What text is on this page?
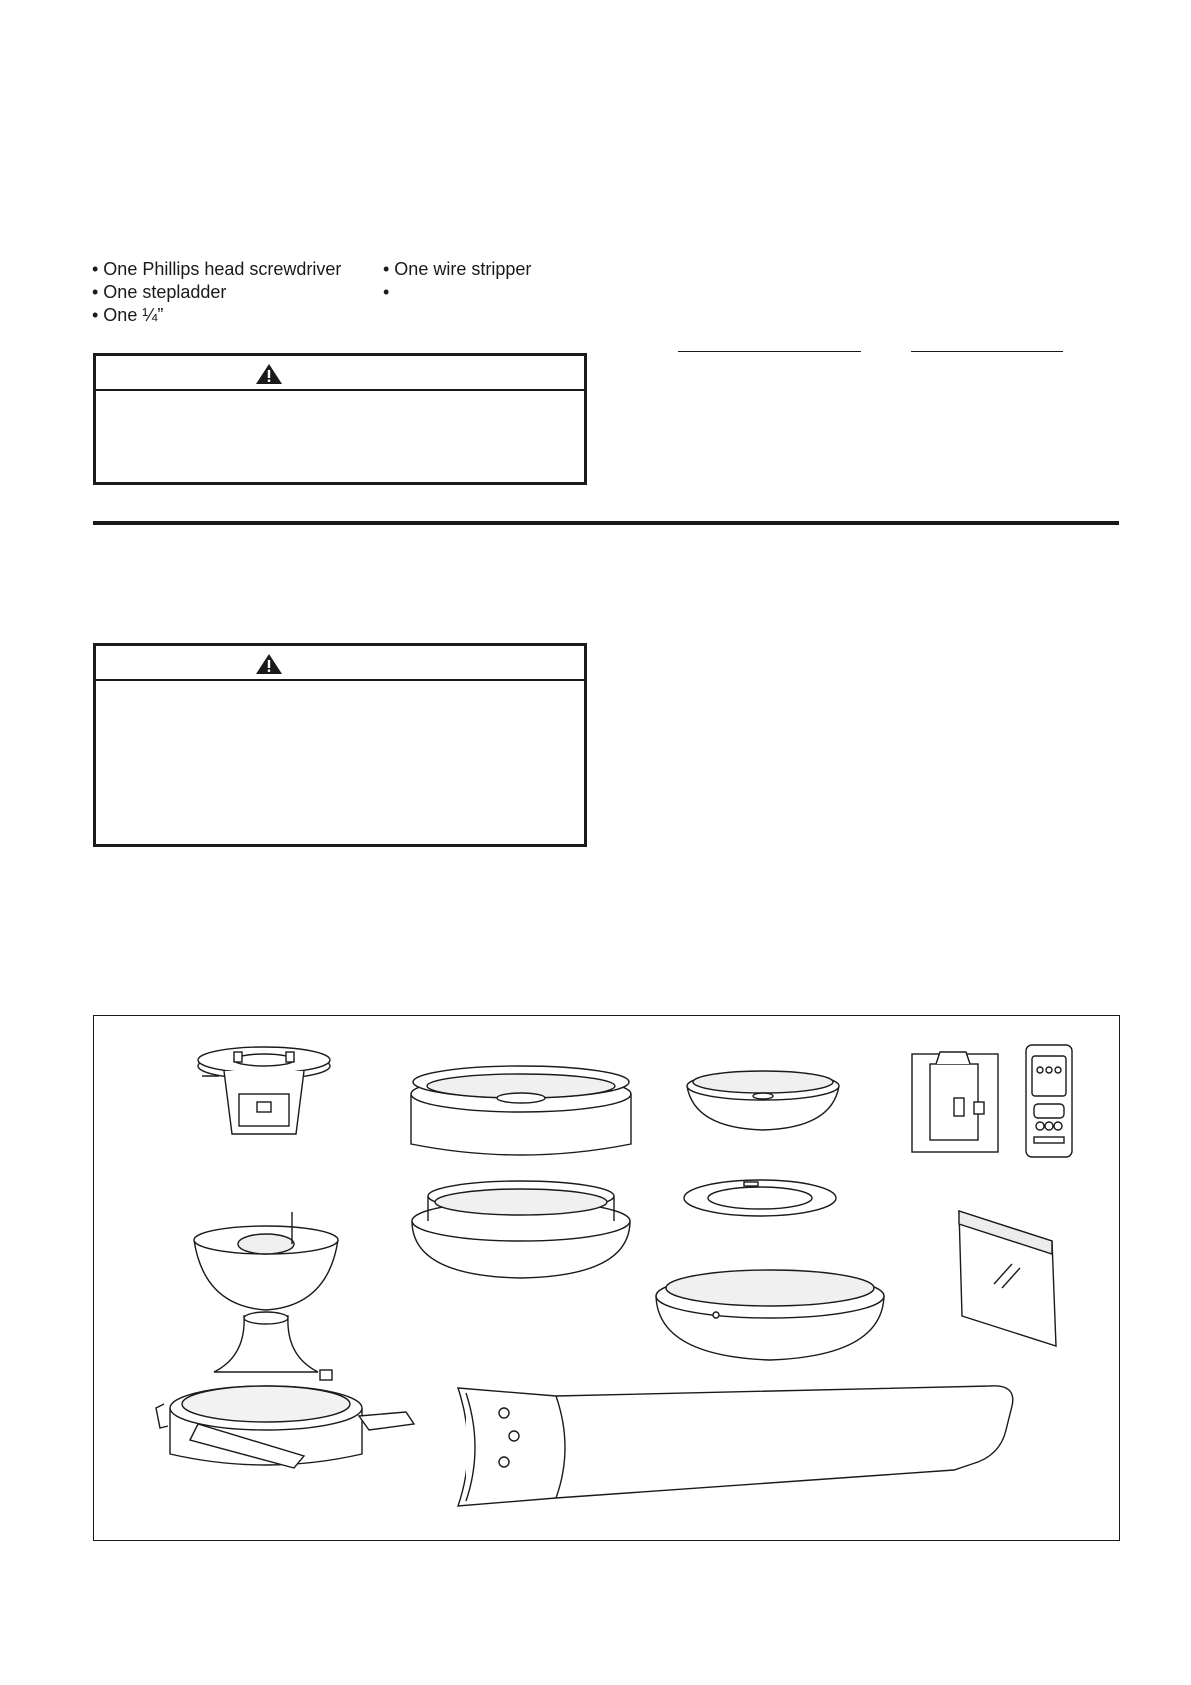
• One Phillips head screwdriver
• One stepladder
• One ¼”
• One wire stripper
•
